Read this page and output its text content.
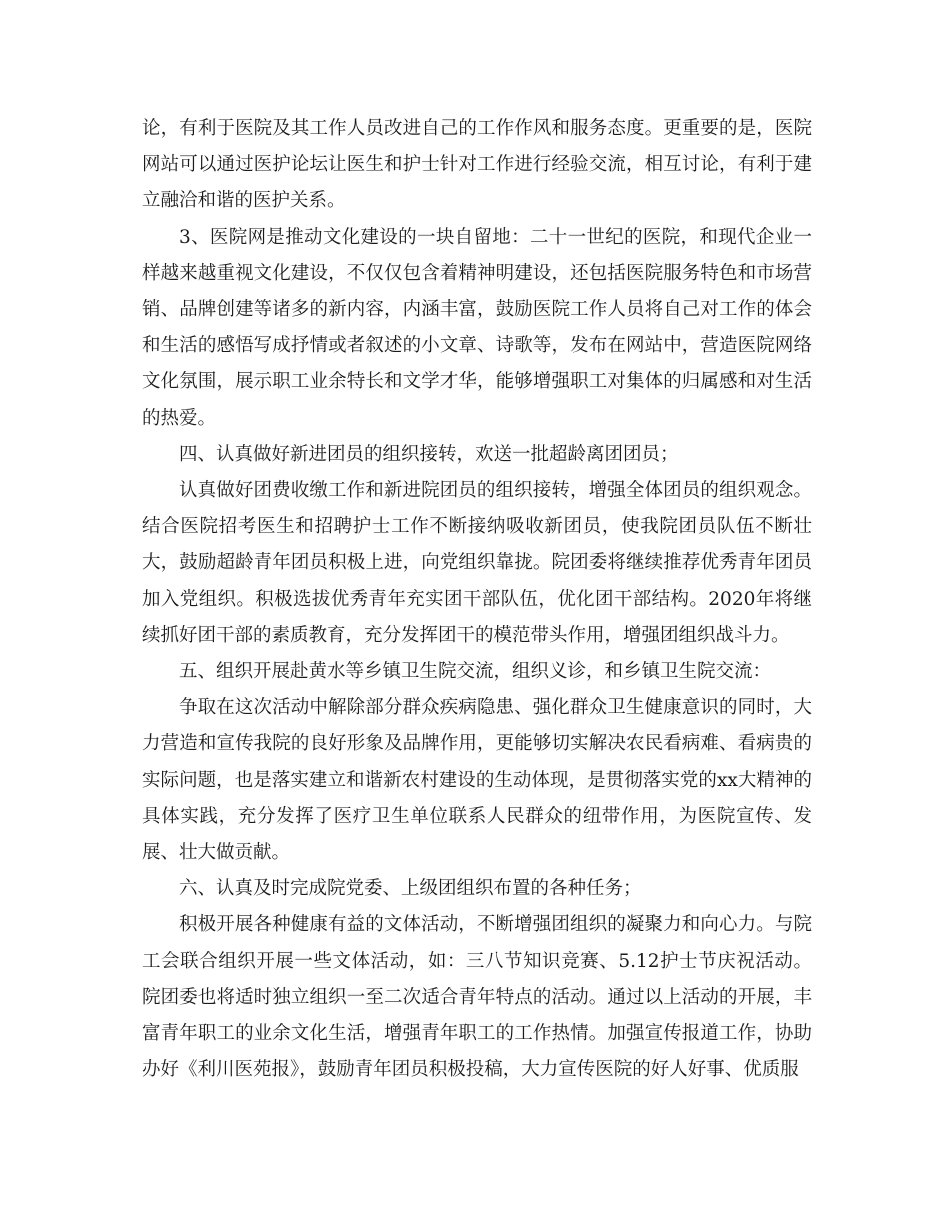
论，有利于医院及其工作人员改进自己的工作作风和服务态度。更重要的是，医院网站可以通过医护论坛让医生和护士针对工作进行经验交流，相互讨论，有利于建立融洽和谐的医护关系。

3、医院网是推动文化建设的一块自留地：二十一世纪的医院，和现代企业一样越来越重视文化建设，不仅仅包含着精神明建设，还包括医院服务特色和市场营销、品牌创建等诸多的新内容，内涵丰富，鼓励医院工作人员将自己对工作的体会和生活的感悟写成抒情或者叙述的小文章、诗歌等，发布在网站中，营造医院网络文化氛围，展示职工业余特长和文学才华，能够增强职工对集体的归属感和对生活的热爱。

四、认真做好新进团员的组织接转，欢送一批超龄离团团员；

认真做好团费收缴工作和新进院团员的组织接转，增强全体团员的组织观念。结合医院招考医生和招聘护士工作不断接纳吸收新团员，使我院团员队伍不断壮大，鼓励超龄青年团员积极上进，向党组织靠拢。院团委将继续推荐优秀青年团员加入党组织。积极选拔优秀青年充实团干部队伍，优化团干部结构。2020年将继续抓好团干部的素质教育，充分发挥团干的模范带头作用，增强团组织战斗力。

五、组织开展赴黄水等乡镇卫生院交流，组织义诊，和乡镇卫生院交流：

争取在这次活动中解除部分群众疾病隐患、强化群众卫生健康意识的同时，大力营造和宣传我院的良好形象及品牌作用，更能够切实解决农民看病难、看病贵的实际问题，也是落实建立和谐新农村建设的生动体现，是贯彻落实党的xx大精神的具体实践，充分发挥了医疗卫生单位联系人民群众的纽带作用，为医院宣传、发展、壮大做贡献。

六、认真及时完成院党委、上级团组织布置的各种任务；

积极开展各种健康有益的文体活动，不断增强团组织的凝聚力和向心力。与院工会联合组织开展一些文体活动，如：三八节知识竞赛、5.12护士节庆祝活动。院团委也将适时独立组织一至二次适合青年特点的活动。通过以上活动的开展，丰富青年职工的业余文化生活，增强青年职工的工作热情。加强宣传报道工作，协助办好《利川医苑报》，鼓励青年团员积极投稿，大力宣传医院的好人好事、优质服
